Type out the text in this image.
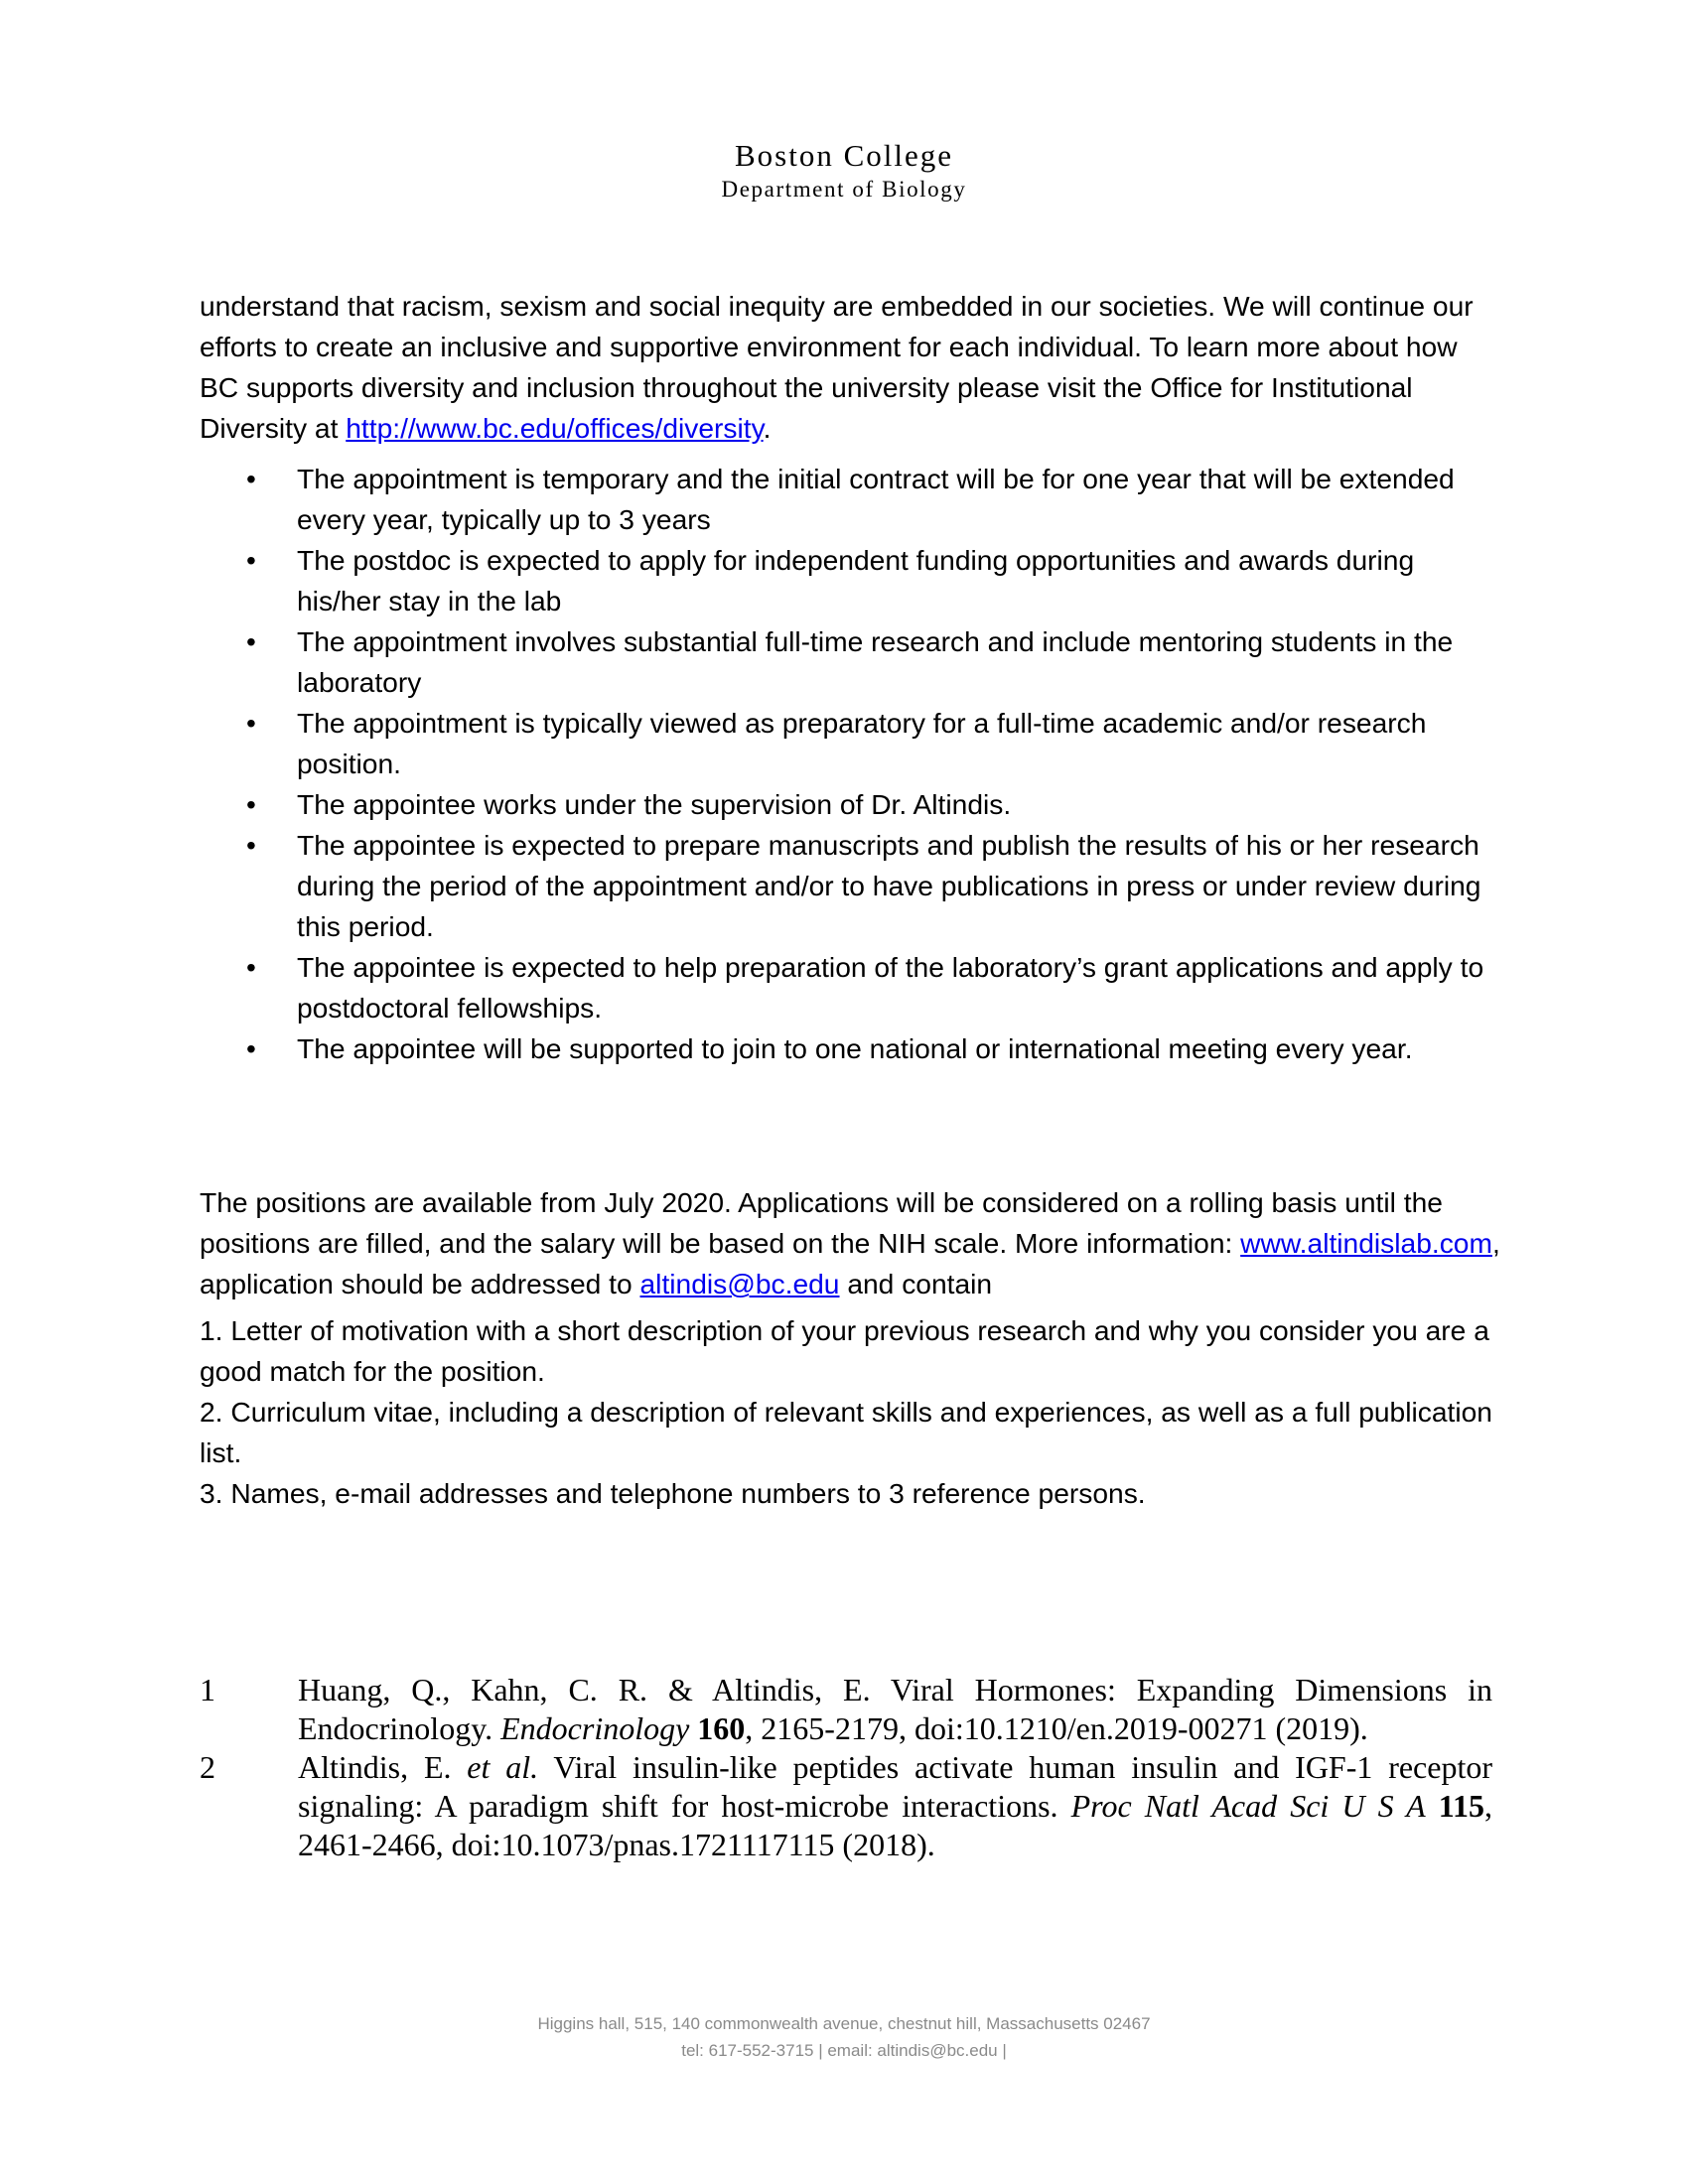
Boston College
Department of Biology

understand that racism, sexism and social inequity are embedded in our societies. We will continue our efforts to create an inclusive and supportive environment for each individual. To learn more about how BC supports diversity and inclusion throughout the university please visit the Office for Institutional Diversity at http://www.bc.edu/offices/diversity.

• The appointment is temporary and the initial contract will be for one year that will be extended every year, typically up to 3 years
• The postdoc is expected to apply for independent funding opportunities and awards during his/her stay in the lab
• The appointment involves substantial full-time research and include mentoring students in the laboratory
• The appointment is typically viewed as preparatory for a full-time academic and/or research position.
• The appointee works under the supervision of Dr. Altindis.
• The appointee is expected to prepare manuscripts and publish the results of his or her research during the period of the appointment and/or to have publications in press or under review during this period.
• The appointee is expected to help preparation of the laboratory’s grant applications and apply to postdoctoral fellowships.
• The appointee will be supported to join to one national or international meeting every year.

The positions are available from July 2020. Applications will be considered on a rolling basis until the positions are filled, and the salary will be based on the NIH scale. More information: www.altindislab.com, application should be addressed to altindis@bc.edu and contain

1. Letter of motivation with a short description of your previous research and why you consider you are a good match for the position.

2. Curriculum vitae, including a description of relevant skills and experiences, as well as a full publication list.

3. Names, e-mail addresses and telephone numbers to 3 reference persons.

1	Huang, Q., Kahn, C. R. & Altindis, E. Viral Hormones: Expanding Dimensions in Endocrinology. Endocrinology 160, 2165-2179, doi:10.1210/en.2019-00271 (2019).
2	Altindis, E. et al. Viral insulin-like peptides activate human insulin and IGF-1 receptor signaling: A paradigm shift for host-microbe interactions. Proc Natl Acad Sci U S A 115, 2461-2466, doi:10.1073/pnas.1721117115 (2018).
Higgins hall, 515, 140 commonwealth avenue, chestnut hill, Massachusetts 02467
tel: 617-552-3715 | email: altindis@bc.edu |
